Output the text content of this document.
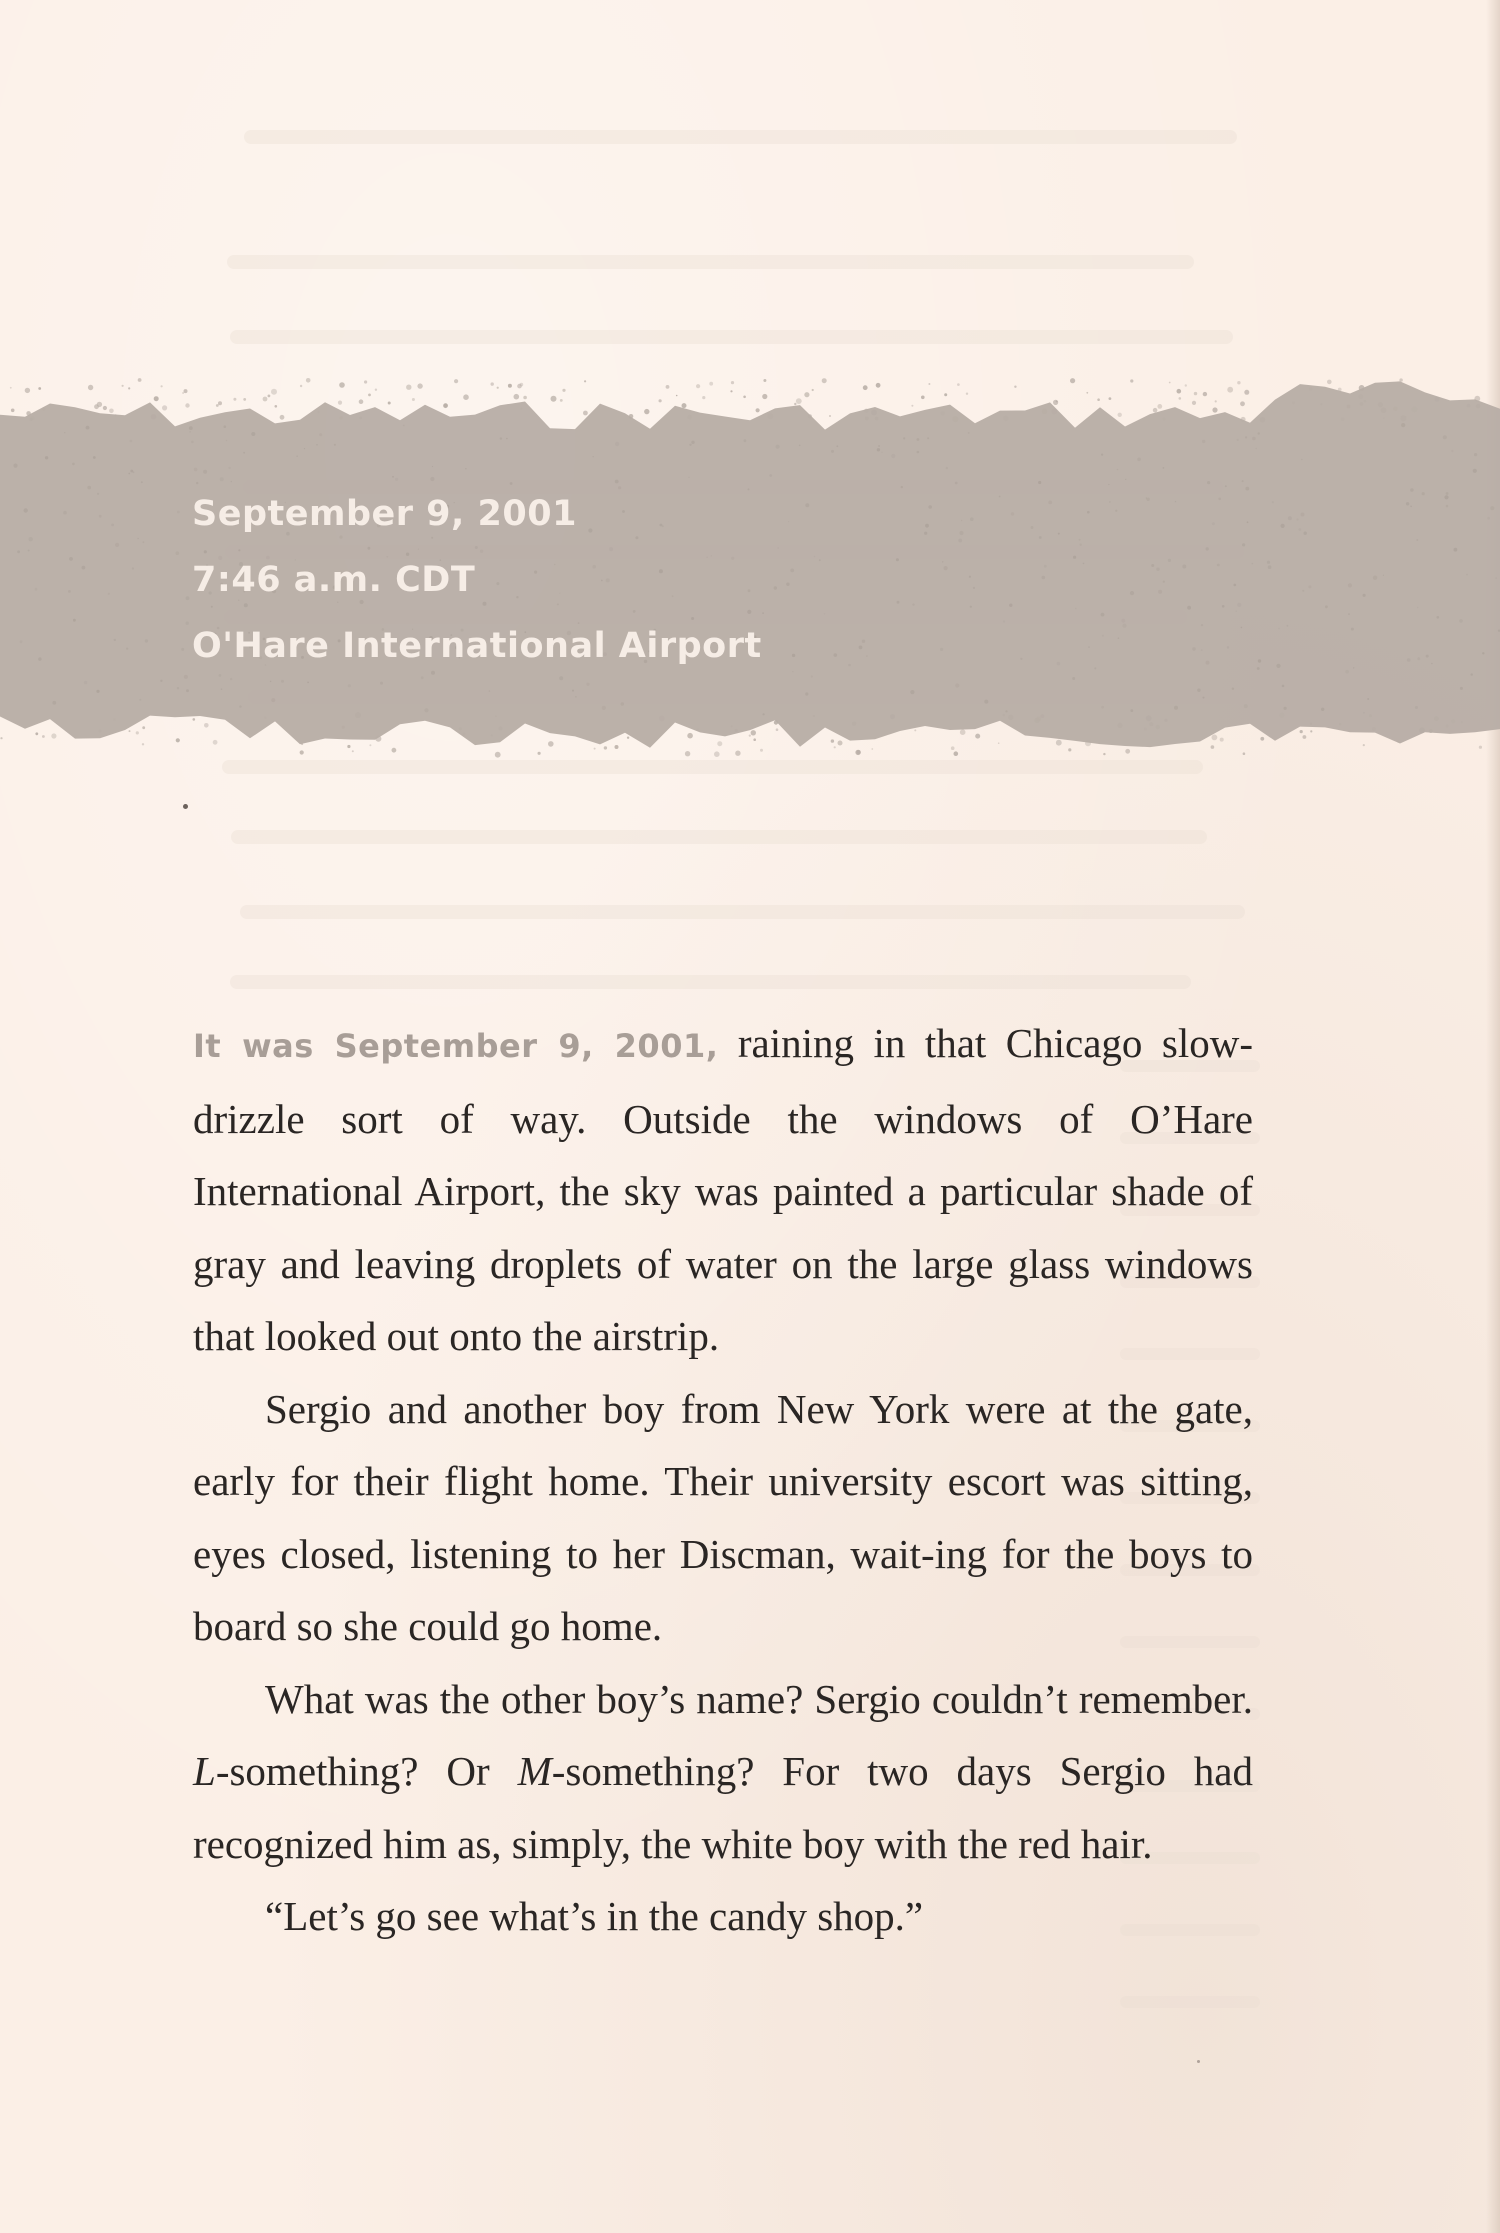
September 9, 2001
7:46 a.m. CDT
O'Hare International Airport

It was September 9, 2001, raining in that Chicago slow-drizzle sort of way. Outside the windows of O’Hare International Airport, the sky was painted a particular shade of gray and leaving droplets of water on the large glass windows that looked out onto the airstrip.

Sergio and another boy from New York were at the gate, early for their flight home. Their university escort was sitting, eyes closed, listening to her Discman, wait-ing for the boys to board so she could go home.

What was the other boy’s name? Sergio couldn’t remember. L-something? Or M-something? For two days Sergio had recognized him as, simply, the white boy with the red hair.

“Let’s go see what’s in the candy shop.”
